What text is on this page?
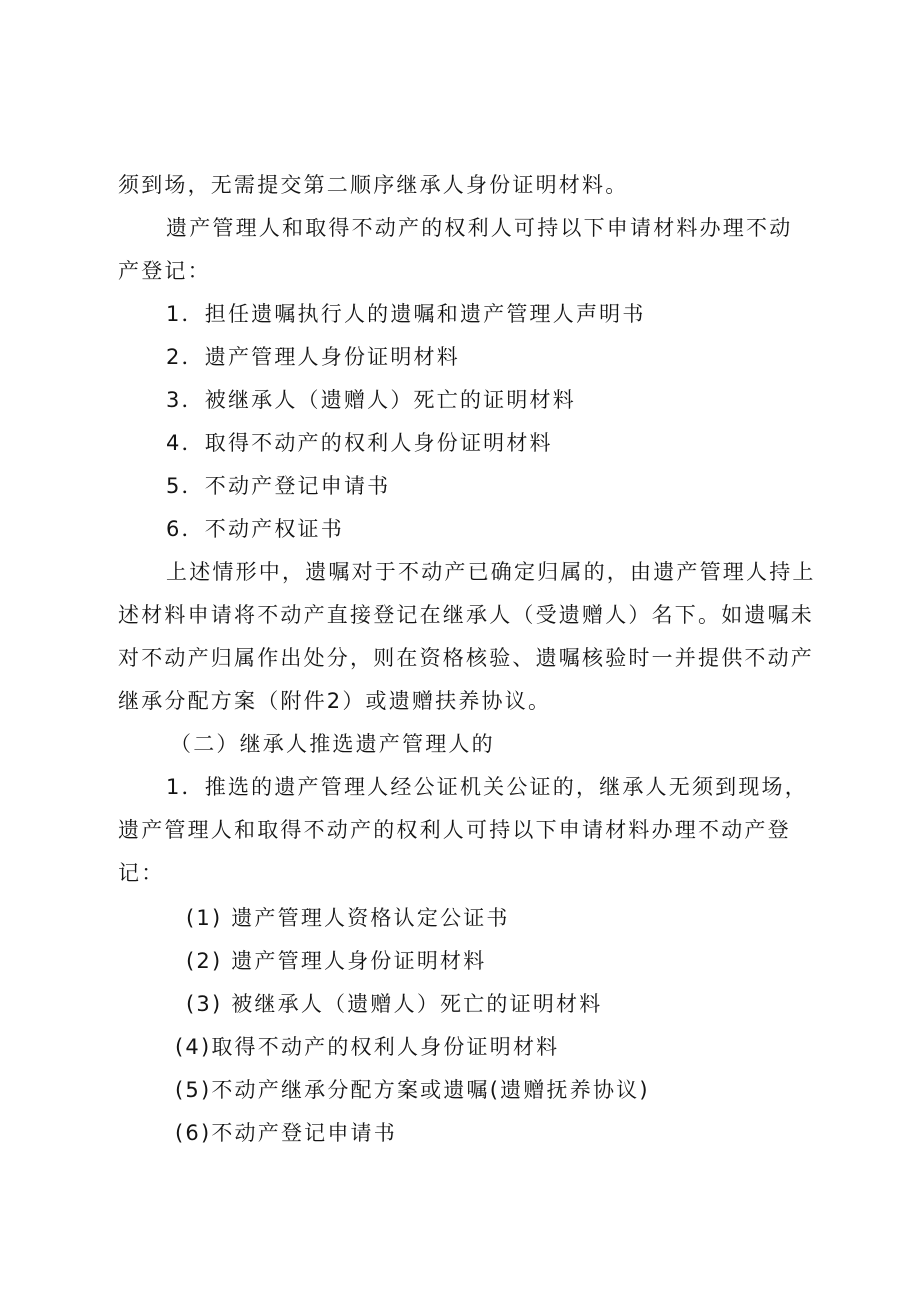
须到场，无需提交第二顺序继承人身份证明材料。
遗产管理人和取得不动产的权利人可持以下申请材料办理不动
产登记：
1．担任遗嘱执行人的遗嘱和遗产管理人声明书
2．遗产管理人身份证明材料
3．被继承人（遗赠人）死亡的证明材料
4．取得不动产的权利人身份证明材料
5．不动产登记申请书
6．不动产权证书
上述情形中，遗嘱对于不动产已确定归属的，由遗产管理人持上
述材料申请将不动产直接登记在继承人（受遗赠人）名下。如遗嘱未
对不动产归属作出处分，则在资格核验、遗嘱核验时一并提供不动产
继承分配方案（附件2）或遗赠扶养协议。
（二）继承人推选遗产管理人的
1．推选的遗产管理人经公证机关公证的，继承人无须到现场，
遗产管理人和取得不动产的权利人可持以下申请材料办理不动产登
记：
(1) 遗产管理人资格认定公证书
(2) 遗产管理人身份证明材料
(3) 被继承人（遗赠人）死亡的证明材料
(4)取得不动产的权利人身份证明材料
(5)不动产继承分配方案或遗嘱(遗赠抚养协议)
(6)不动产登记申请书
